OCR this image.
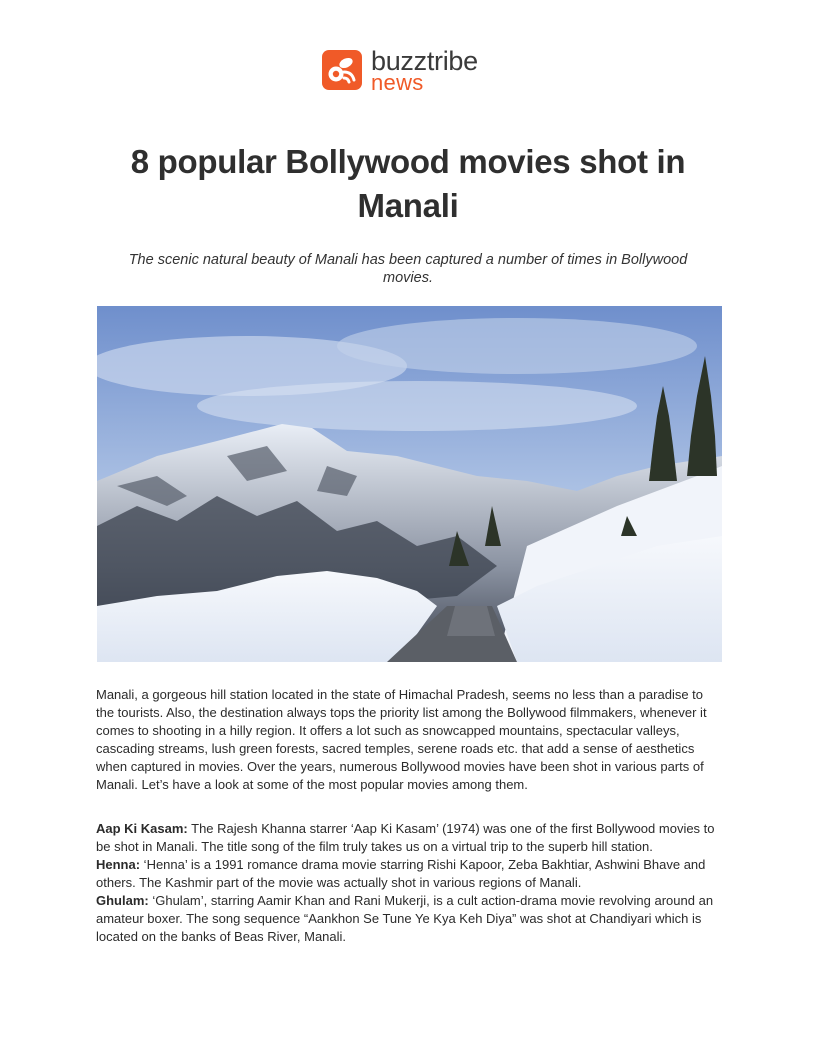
buzztribe
news
8 popular Bollywood movies shot in Manali

The scenic natural beauty of Manali has been captured a number of times in Bollywood movies.

Manali, a gorgeous hill station located in the state of Himachal Pradesh, seems no less than a paradise to the tourists. Also, the destination always tops the priority list among the Bollywood filmmakers, whenever it comes to shooting in a hilly region. It offers a lot such as snowcapped mountains, spectacular valleys, cascading streams, lush green forests, sacred temples, serene roads etc. that add a sense of aesthetics when captured in movies. Over the years, numerous Bollywood movies have been shot in various parts of Manali. Let’s have a look at some of the most popular movies among them.

Aap Ki Kasam: The Rajesh Khanna starrer ‘Aap Ki Kasam’ (1974) was one of the first Bollywood movies to be shot in Manali. The title song of the film truly takes us on a virtual trip to the superb hill station.
Henna: ‘Henna’ is a 1991 romance drama movie starring Rishi Kapoor, Zeba Bakhtiar, Ashwini Bhave and others. The Kashmir part of the movie was actually shot in various regions of Manali.
Ghulam: ‘Ghulam’, starring Aamir Khan and Rani Mukerji, is a cult action-drama movie revolving around an amateur boxer. The song sequence “Aankhon Se Tune Ye Kya Keh Diya” was shot at Chandiyari which is located on the banks of Beas River, Manali.
